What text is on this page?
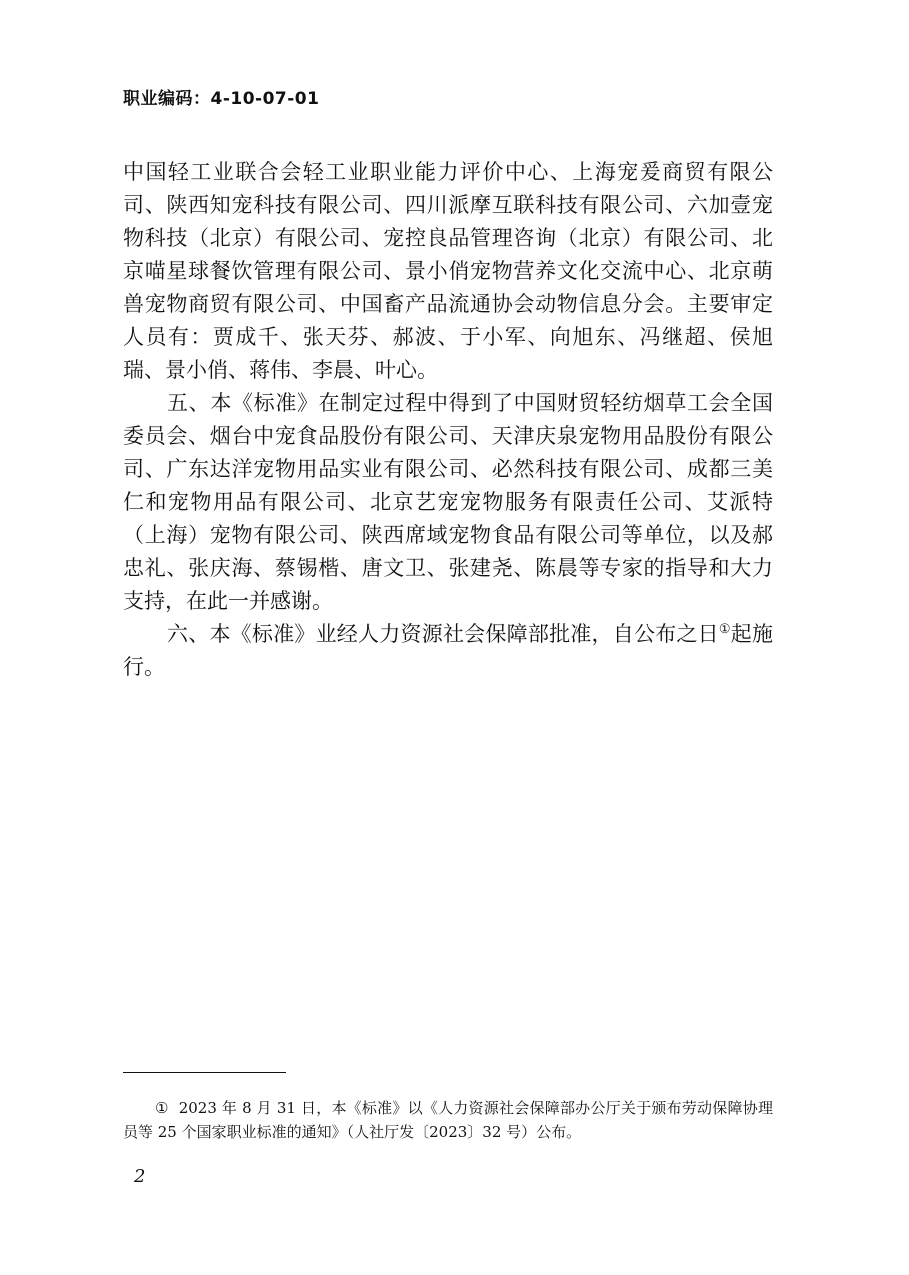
职业编码：4-10-07-01

中国轻工业联合会轻工业职业能力评价中心、上海宠爰商贸有限公司、陕西知宠科技有限公司、四川派摩互联科技有限公司、六加壹宠物科技（北京）有限公司、宠控良品管理咨询（北京）有限公司、北京喵星球餐饮管理有限公司、景小俏宠物营养文化交流中心、北京萌兽宠物商贸有限公司、中国畜产品流通协会动物信息分会。主要审定人员有：贾成千、张天芬、郝波、于小军、向旭东、冯继超、侯旭瑞、景小俏、蒋伟、李晨、叶心。

五、本《标准》在制定过程中得到了中国财贸轻纺烟草工会全国委员会、烟台中宠食品股份有限公司、天津庆泉宠物用品股份有限公司、广东达洋宠物用品实业有限公司、必然科技有限公司、成都三美仁和宠物用品有限公司、北京艺宠宠物服务有限责任公司、艾派特（上海）宠物有限公司、陕西席域宠物食品有限公司等单位，以及郝忠礼、张庆海、蔡锡楷、唐文卫、张建尧、陈晨等专家的指导和大力支持，在此一并感谢。

六、本《标准》业经人力资源社会保障部批准，自公布之日①起施行。

① 2023 年 8 月 31 日，本《标准》以《人力资源社会保障部办公厅关于颁布劳动保障协理员等 25 个国家职业标准的通知》（人社厅发〔2023〕32 号）公布。
2
